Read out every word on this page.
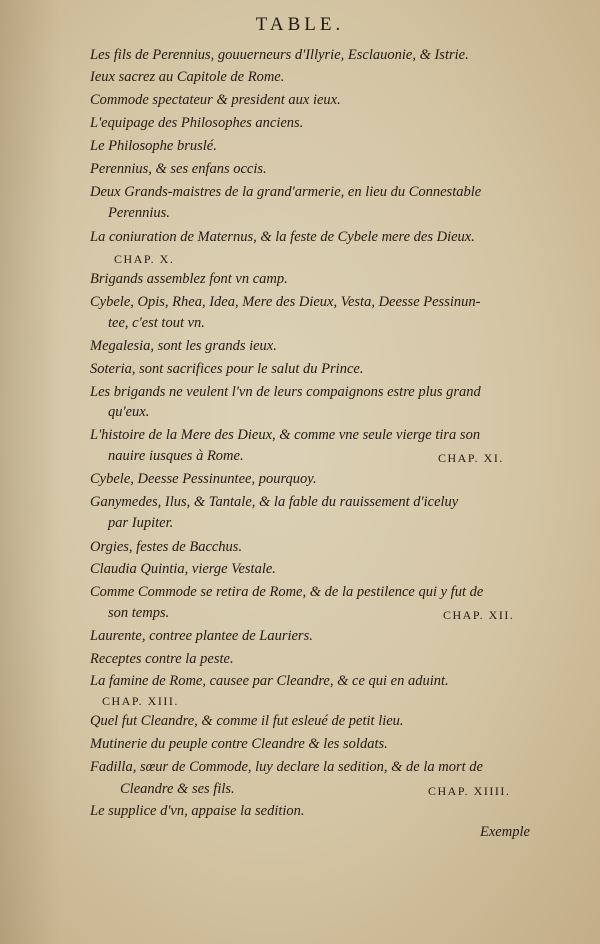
TABLE.
Les fils de Perennius, gouuerneurs d'Illyrie, Esclauonie, & Istrie.
Ieux sacrez au Capitole de Rome.
Commode spectateur & president aux ieux.
L'equipage des Philosophes anciens.
Le Philosophe bruslé.
Perennius, & ses enfans occis.
Deux Grands-maistres de la grand'armerie, en lieu du Connestable
Perennius.
La coniuration de Maternus, & la feste de Cybele mere des Dieux.
CHAP. X.
Brigands assemblez font vn camp.
Cybele, Opis, Rhea, Idea, Mere des Dieux, Vesta, Deesse Pessinun-
tee, c'est tout vn.
Megalesia, sont les grands ieux.
Soteria, sont sacrifices pour le salut du Prince.
Les brigands ne veulent l'vn de leurs compaignons estre plus grand
qu'eux.
L'histoire de la Mere des Dieux, & comme vne seule vierge tira son
nauire iusques à Rome.	CHAP. XI.
Cybele, Deesse Pessinuntee, pourquoy.
Ganymedes, Ilus, & Tantale, & la fable du rauissement d'iceluy
par Iupiter.
Orgies, festes de Bacchus.
Claudia Quintia, vierge Vestale.
Comme Commode se retira de Rome, & de la pestilence qui y fut de
son temps.	CHAP. XII.
Laurente, contree plantee de Lauriers.
Receptes contre la peste.
La famine de Rome, causee par Cleandre, & ce qui en aduint.
CHAP. XIII.
Quel fut Cleandre, & comme il fut esleué de petit lieu.
Mutinerie du peuple contre Cleandre & les soldats.
Fadilla, sœur de Commode, luy declare la sedition, & de la mort de
Cleandre & ses fils.	CHAP. XIIII.
Le supplice d'vn, appaise la sedition.
Exemple
